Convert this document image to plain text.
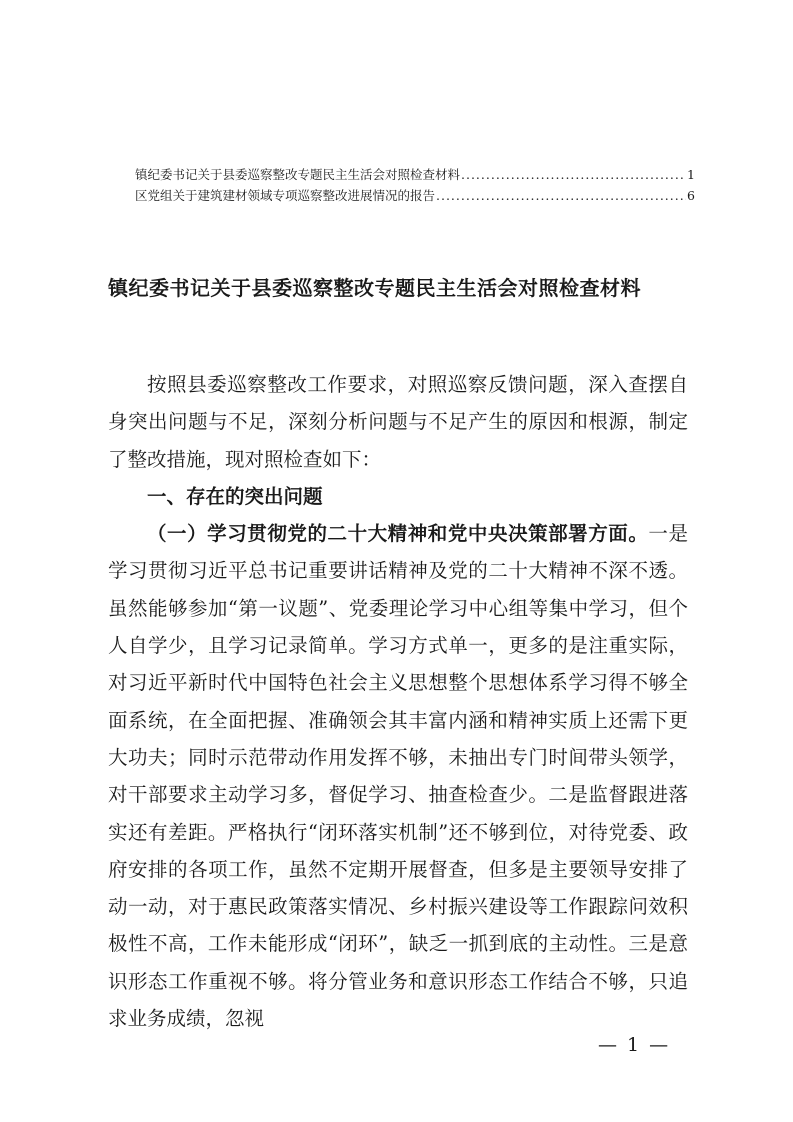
镇纪委书记关于县委巡察整改专题民主生活会对照检查材料 .....	1
区党组关于建筑建材领域专项巡察整改进展情况的报告 .....	6
镇纪委书记关于县委巡察整改专题民主生活会对照检查材料

按照县委巡察整改工作要求，对照巡察反馈问题，深入查摆自身突出问题与不足，深刻分析问题与不足产生的原因和根源，制定了整改措施，现对照检查如下：

一、存在的突出问题

（一）学习贯彻党的二十大精神和党中央决策部署方面。一是学习贯彻习近平总书记重要讲话精神及党的二十大精神不深不透。虽然能够参加“第一议题”、党委理论学习中心组等集中学习，但个人自学少，且学习记录简单。学习方式单一，更多的是注重实际，对习近平新时代中国特色社会主义思想整个思想体系学习得不够全面系统，在全面把握、准确领会其丰富内涵和精神实质上还需下更大功夫；同时示范带动作用发挥不够，未抽出专门时间带头领学，对干部要求主动学习多，督促学习、抽查检查少。二是监督跟进落实还有差距。严格执行“闭环落实机制”还不够到位，对待党委、政府安排的各项工作，虽然不定期开展督查，但多是主要领导安排了动一动，对于惠民政策落实情况、乡村振兴建设等工作跟踪问效积极性不高，工作未能形成“闭环”，缺乏一抓到底的主动性。三是意识形态工作重视不够。将分管业务和意识形态工作结合不够，只追求业务成绩，忽视

— 1 —
